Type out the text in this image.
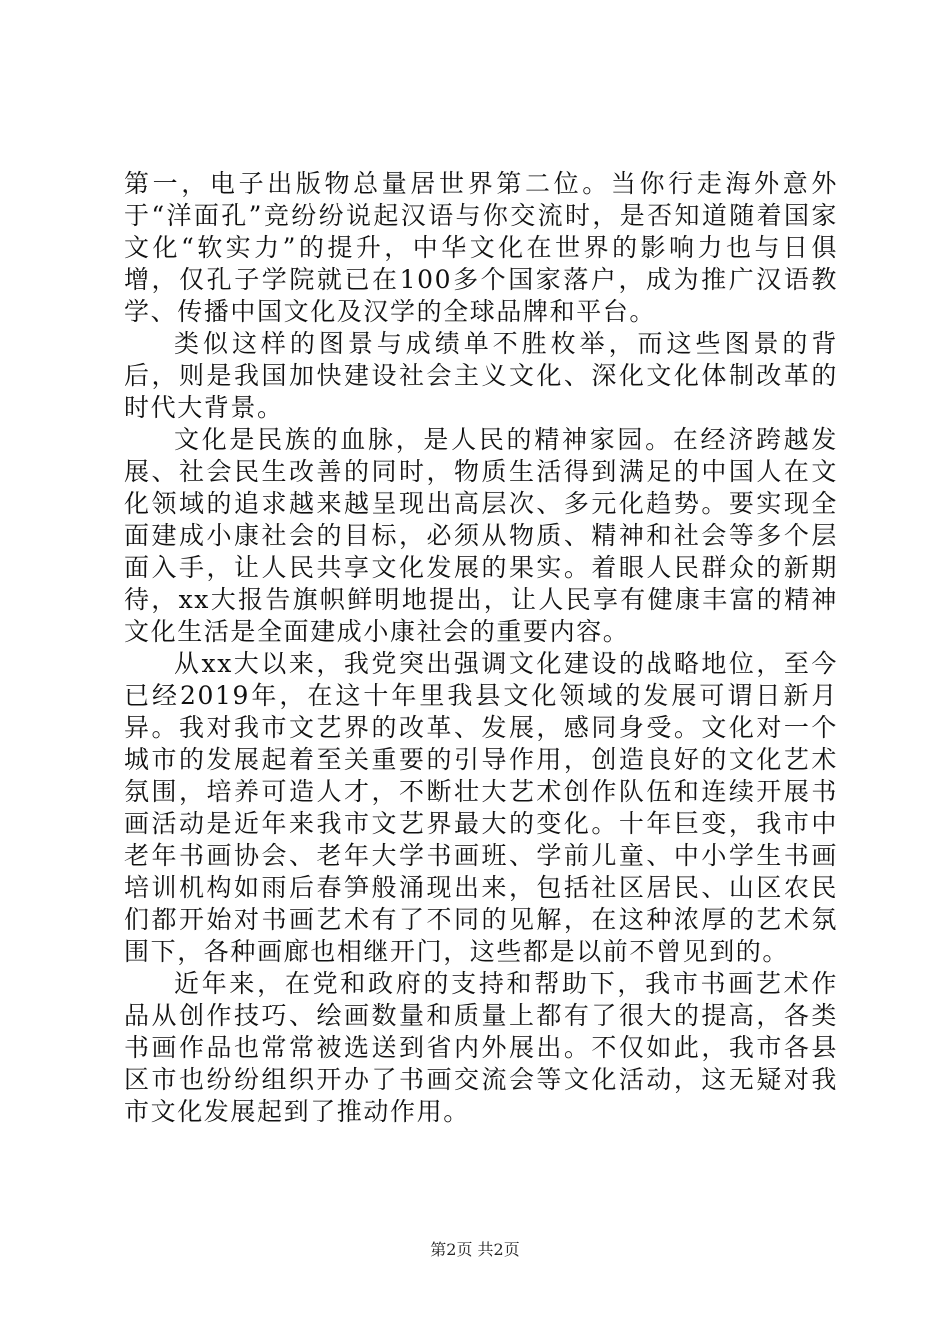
第一，电子出版物总量居世界第二位。当你行走海外意外于“洋面孔”竞纷纷说起汉语与你交流时，是否知道随着国家文化“软实力”的提升，中华文化在世界的影响力也与日俱增，仅孔子学院就已在100多个国家落户，成为推广汉语教学、传播中国文化及汉学的全球品牌和平台。

类似这样的图景与成绩单不胜枚举，而这些图景的背后，则是我国加快建设社会主义文化、深化文化体制改革的时代大背景。

文化是民族的血脉，是人民的精神家园。在经济跨越发展、社会民生改善的同时，物质生活得到满足的中国人在文化领域的追求越来越呈现出高层次、多元化趋势。要实现全面建成小康社会的目标，必须从物质、精神和社会等多个层面入手，让人民共享文化发展的果实。着眼人民群众的新期待，xx大报告旗帜鲜明地提出，让人民享有健康丰富的精神文化生活是全面建成小康社会的重要内容。

从xx大以来，我党突出强调文化建设的战略地位，至今已经2019年，在这十年里我县文化领域的发展可谓日新月异。我对我市文艺界的改革、发展，感同身受。文化对一个城市的发展起着至关重要的引导作用，创造良好的文化艺术氛围，培养可造人才，不断壮大艺术创作队伍和连续开展书画活动是近年来我市文艺界最大的变化。十年巨变，我市中老年书画协会、老年大学书画班、学前儿童、中小学生书画培训机构如雨后春笋般涌现出来，包括社区居民、山区农民们都开始对书画艺术有了不同的见解，在这种浓厚的艺术氛围下，各种画廊也相继开门，这些都是以前不曾见到的。

近年来，在党和政府的支持和帮助下，我市书画艺术作品从创作技巧、绘画数量和质量上都有了很大的提高，各类书画作品也常常被选送到省内外展出。不仅如此，我市各县区市也纷纷组织开办了书画交流会等文化活动，这无疑对我市文化发展起到了推动作用。

第2页 共2页
